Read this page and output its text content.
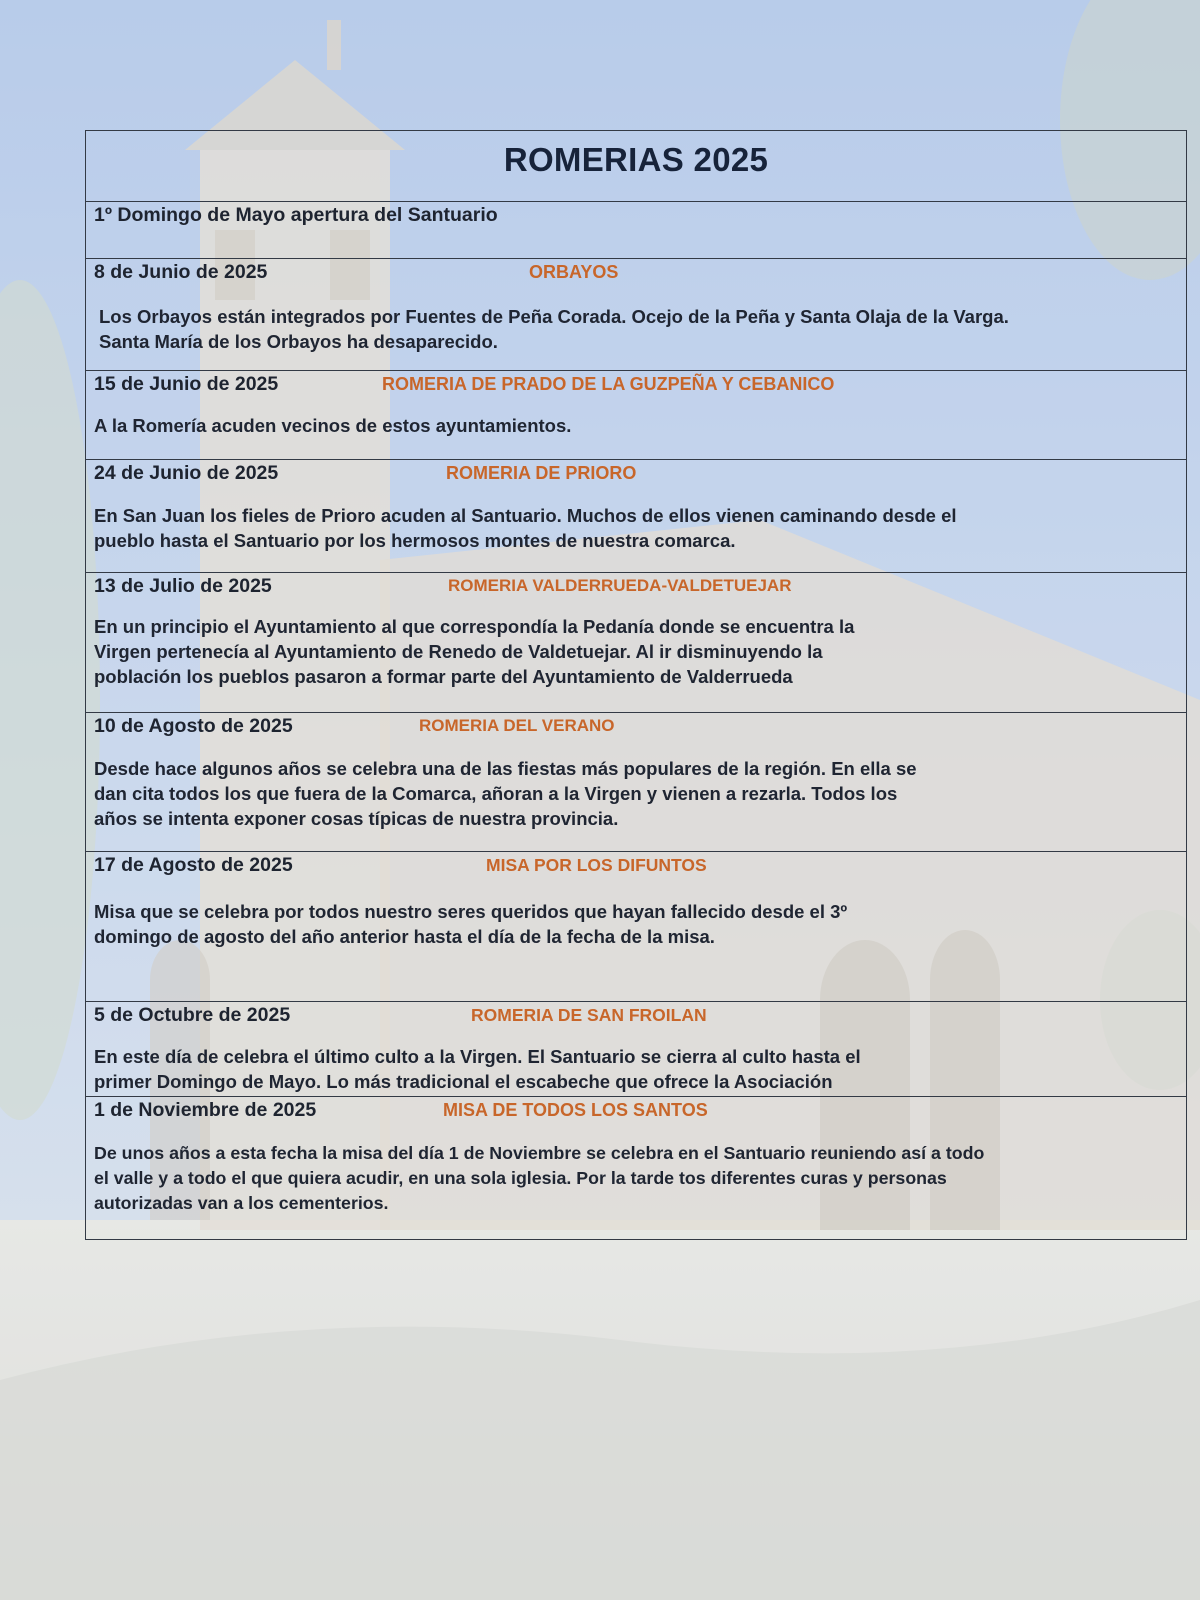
ROMERIAS 2025
1º Domingo de Mayo apertura del Santuario
8 de Junio de 2025	ORBAYOS
Los Orbayos están integrados por Fuentes de Peña Corada. Ocejo de la Peña y Santa Olaja de la Varga.
Santa María de los Orbayos ha desaparecido.
15 de Junio de 2025	ROMERIA DE PRADO DE LA GUZPEÑA Y CEBANICO
A la Romería acuden vecinos de estos ayuntamientos.
24 de Junio de 2025	ROMERIA DE PRIORO
En San Juan los fieles de Prioro acuden al Santuario. Muchos de ellos vienen caminando desde el
pueblo hasta el Santuario por los hermosos montes de nuestra comarca.
13 de Julio de 2025	ROMERIA VALDERRUEDA-VALDETUEJAR
En un principio el Ayuntamiento al que correspondía la Pedanía donde se encuentra la
Virgen pertenecía al Ayuntamiento de Renedo de Valdetuejar. Al ir disminuyendo la
población los pueblos pasaron a formar parte del Ayuntamiento de Valderrueda
10 de Agosto de 2025	ROMERIA DEL VERANO
Desde hace algunos años se celebra una de las fiestas más populares de la región. En ella se
dan cita todos los que fuera de la Comarca, añoran a la Virgen y vienen a rezarla. Todos los
años se intenta exponer cosas típicas de nuestra provincia.
17 de Agosto de 2025	MISA POR LOS DIFUNTOS
Misa que se celebra por todos nuestro seres queridos que hayan fallecido desde el 3º
domingo de agosto del año anterior hasta el día de la fecha de la misa.
5 de Octubre de 2025	ROMERIA DE SAN FROILAN
En este día de celebra el último culto a la Virgen. El Santuario se cierra al culto hasta el
primer Domingo de Mayo. Lo más tradicional el escabeche que ofrece la Asociación
1 de Noviembre de 2025	MISA DE TODOS LOS SANTOS
De unos años a esta fecha la misa del día 1 de Noviembre se celebra en el Santuario reuniendo así a todo
el valle y a todo el que quiera acudir, en una sola iglesia. Por la tarde tos diferentes curas y personas
autorizadas van a los cementerios.
